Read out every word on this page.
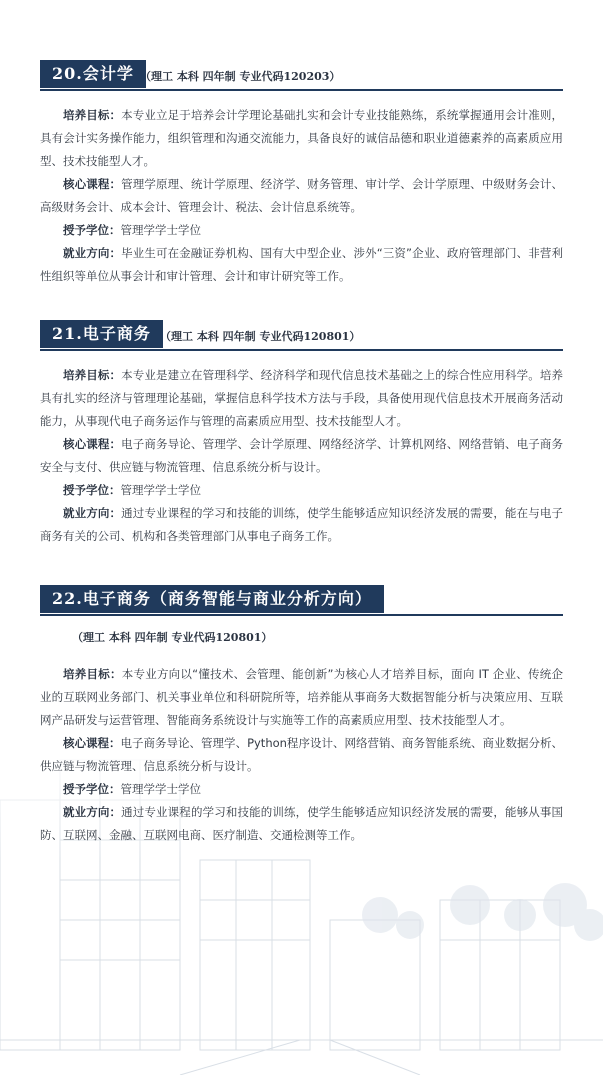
20.会计学 （理工 本科 四年制 专业代码120203）

培养目标：本专业立足于培养会计学理论基础扎实和会计专业技能熟练，系统掌握通用会计准则，具有会计实务操作能力，组织管理和沟通交流能力，具备良好的诚信品德和职业道德素养的高素质应用型、技术技能型人才。

核心课程：管理学原理、统计学原理、经济学、财务管理、审计学、会计学原理、中级财务会计、高级财务会计、成本会计、管理会计、税法、会计信息系统等。

授予学位：管理学学士学位

就业方向：毕业生可在金融证券机构、国有大中型企业、涉外“三资”企业、政府管理部门、非营利性组织等单位从事会计和审计管理、会计和审计研究等工作。

21.电子商务 （理工 本科 四年制 专业代码120801）

培养目标：本专业是建立在管理科学、经济科学和现代信息技术基础之上的综合性应用科学。培养具有扎实的经济与管理理论基础，掌握信息科学技术方法与手段，具备使用现代信息技术开展商务活动能力，从事现代电子商务运作与管理的高素质应用型、技术技能型人才。

核心课程：电子商务导论、管理学、会计学原理、网络经济学、计算机网络、网络营销、电子商务安全与支付、供应链与物流管理、信息系统分析与设计。

授予学位：管理学学士学位

就业方向：通过专业课程的学习和技能的训练，使学生能够适应知识经济发展的需要，能在与电子商务有关的公司、机构和各类管理部门从事电子商务工作。

22.电子商务（商务智能与商业分析方向）
（理工 本科 四年制 专业代码120801）

培养目标：本专业方向以“懂技术、会管理、能创新”为核心人才培养目标，面向 IT 企业、传统企业的互联网业务部门、机关事业单位和科研院所等，培养能从事商务大数据智能分析与决策应用、互联网产品研发与运营管理、智能商务系统设计与实施等工作的高素质应用型、技术技能型人才。

核心课程：电子商务导论、管理学、Python程序设计、网络营销、商务智能系统、商业数据分析、供应链与物流管理、信息系统分析与设计。

授予学位：管理学学士学位

就业方向：通过专业课程的学习和技能的训练，使学生能够适应知识经济发展的需要，能够从事国防、互联网、金融、互联网电商、医疗制造、交通检测等工作。
